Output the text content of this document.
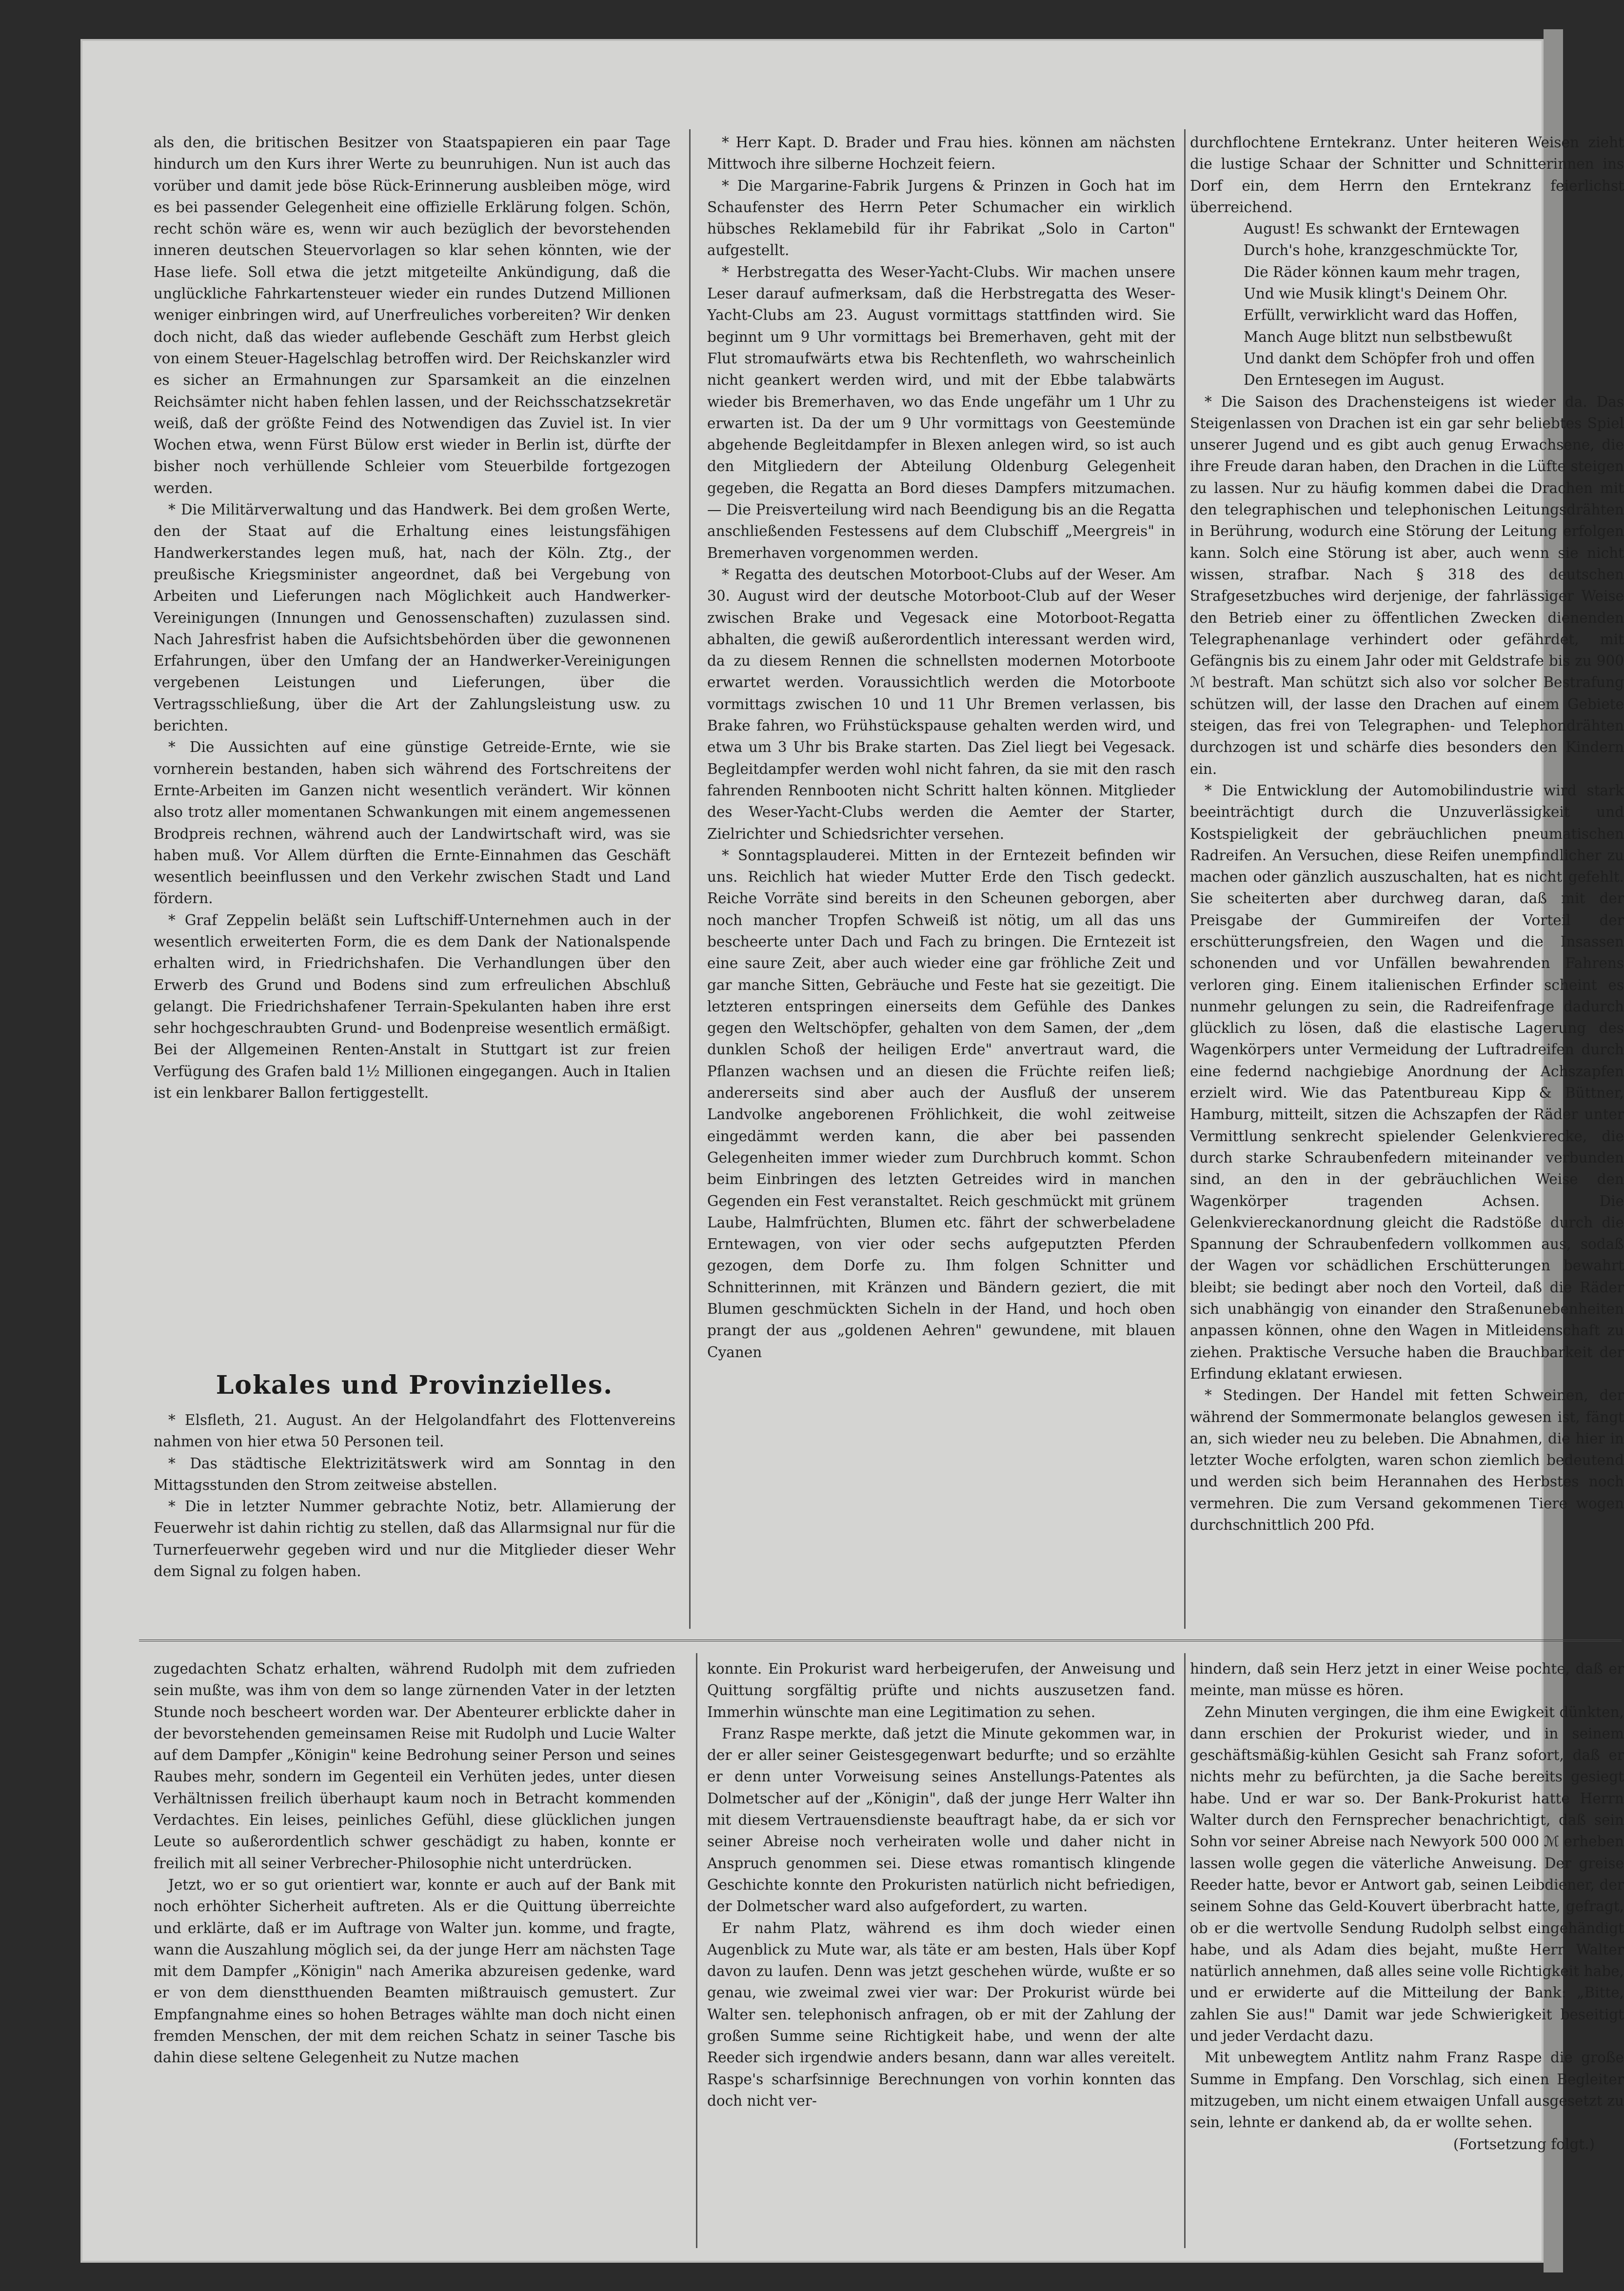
als den, die britischen Besitzer von Staatspapieren ein paar Tage hindurch um den Kurs ihrer Werte zu beunruhigen. Nun ist auch das vorüber und damit jede böse Rück-Erinnerung ausbleiben möge, wird es bei passender Gelegenheit eine offizielle Erklärung folgen. Schön, recht schön wäre es, wenn wir auch bezüglich der bevorstehenden inneren deutschen Steuervorlagen so klar sehen könnten, wie der Hase liefe. Soll etwa die jetzt mitgeteilte Ankündigung, daß die unglückliche Fahrkartensteuer wieder ein rundes Dutzend Millionen weniger einbringen wird, auf Unerfreuliches vorbereiten? Wir denken doch nicht, daß das wieder auflebende Geschäft zum Herbst gleich von einem Steuer-Hagelschlag betroffen wird. Der Reichskanzler wird es sicher an Ermahnungen zur Sparsamkeit an die einzelnen Reichsämter nicht haben fehlen lassen, und der Reichsschatzsekretär weiß, daß der größte Feind des Notwendigen das Zuviel ist. In vier Wochen etwa, wenn Fürst Bülow erst wieder in Berlin ist, dürfte der bisher noch verhüllende Schleier vom Steuerbilde fortgezogen werden.

* Die Militärverwaltung und das Handwerk. Bei dem großen Werte, den der Staat auf die Erhaltung eines leistungsfähigen Handwerkerstandes legen muß, hat, nach der Köln. Ztg., der preußische Kriegsminister angeordnet, daß bei Vergebung von Arbeiten und Lieferungen nach Möglichkeit auch Handwerker-Vereinigungen (Innungen und Genossenschaften) zuzulassen sind. Nach Jahresfrist haben die Aufsichtsbehörden über die gewonnenen Erfahrungen, über den Umfang der an Handwerker-Vereinigungen vergebenen Leistungen und Lieferungen, über die Vertragsschließung, über die Art der Zahlungsleistung usw. zu berichten.

* Die Aussichten auf eine günstige Getreide-Ernte, wie sie vornherein bestanden, haben sich während des Fortschreitens der Ernte-Arbeiten im Ganzen nicht wesentlich verändert. Wir können also trotz aller momentanen Schwankungen mit einem angemessenen Brodpreis rechnen, während auch der Landwirtschaft wird, was sie haben muß. Vor Allem dürften die Ernte-Einnahmen das Geschäft wesentlich beeinflussen und den Verkehr zwischen Stadt und Land fördern.

* Graf Zeppelin beläßt sein Luftschiff-Unternehmen auch in der wesentlich erweiterten Form, die es dem Dank der Nationalspende erhalten wird, in Friedrichshafen. Die Verhandlungen über den Erwerb des Grund und Bodens sind zum erfreulichen Abschluß gelangt. Die Friedrichshafener Terrain-Spekulanten haben ihre erst sehr hochgeschraubten Grund- und Bodenpreise wesentlich ermäßigt. Bei der Allgemeinen Renten-Anstalt in Stuttgart ist zur freien Verfügung des Grafen bald 1½ Millionen eingegangen. Auch in Italien ist ein lenkbarer Ballon fertiggestellt.

Lokales und Provinzielles.

* Elsfleth, 21. August. An der Helgolandfahrt des Flottenvereins nahmen von hier etwa 50 Personen teil.

* Das städtische Elektrizitätswerk wird am Sonntag in den Mittagsstunden den Strom zeitweise abstellen.

* Die in letzter Nummer gebrachte Notiz, betr. Allamierung der Feuerwehr ist dahin richtig zu stellen, daß das Allarmsignal nur für die Turnerfeuerwehr gegeben wird und nur die Mitglieder dieser Wehr dem Signal zu folgen haben.

* Herr Kapt. D. Brader und Frau hies. können am nächsten Mittwoch ihre silberne Hochzeit feiern.

* Die Margarine-Fabrik Jurgens & Prinzen in Goch hat im Schaufenster des Herrn Peter Schumacher ein wirklich hübsches Reklamebild für ihr Fabrikat „Solo in Carton" aufgestellt.

* Herbstregatta des Weser-Yacht-Clubs. Wir machen unsere Leser darauf aufmerksam, daß die Herbstregatta des Weser-Yacht-Clubs am 23. August vormittags stattfinden wird. Sie beginnt um 9 Uhr vormittags bei Bremerhaven, geht mit der Flut stromaufwärts etwa bis Rechtenfleth, wo wahrscheinlich nicht geankert werden wird, und mit der Ebbe talabwärts wieder bis Bremerhaven, wo das Ende ungefähr um 1 Uhr zu erwarten ist. Da der um 9 Uhr vormittags von Geestemünde abgehende Begleitdampfer in Blexen anlegen wird, so ist auch den Mitgliedern der Abteilung Oldenburg Gelegenheit gegeben, die Regatta an Bord dieses Dampfers mitzumachen. — Die Preisverteilung wird nach Beendigung bis an die Regatta anschließenden Festessens auf dem Clubschiff „Meergreis" in Bremerhaven vorgenommen werden.

* Regatta des deutschen Motorboot-Clubs auf der Weser. Am 30. August wird der deutsche Motorboot-Club auf der Weser zwischen Brake und Vegesack eine Motorboot-Regatta abhalten, die gewiß außerordentlich interessant werden wird, da zu diesem Rennen die schnellsten modernen Motorboote erwartet werden. Voraussichtlich werden die Motorboote vormittags zwischen 10 und 11 Uhr Bremen verlassen, bis Brake fahren, wo Frühstückspause gehalten werden wird, und etwa um 3 Uhr bis Brake starten. Das Ziel liegt bei Vegesack. Begleitdampfer werden wohl nicht fahren, da sie mit den rasch fahrenden Rennbooten nicht Schritt halten können. Mitglieder des Weser-Yacht-Clubs werden die Aemter der Starter, Zielrichter und Schiedsrichter versehen.

* Sonntagsplauderei. Mitten in der Erntezeit befinden wir uns. Reichlich hat wieder Mutter Erde den Tisch gedeckt. Reiche Vorräte sind bereits in den Scheunen geborgen, aber noch mancher Tropfen Schweiß ist nötig, um all das uns bescheerte unter Dach und Fach zu bringen. Die Erntezeit ist eine saure Zeit, aber auch wieder eine gar fröhliche Zeit und gar manche Sitten, Gebräuche und Feste hat sie gezeitigt. Die letzteren entspringen einerseits dem Gefühle des Dankes gegen den Weltschöpfer, gehalten von dem Samen, der „dem dunklen Schoß der heiligen Erde" anvertraut ward, die Pflanzen wachsen und an diesen die Früchte reifen ließ; andererseits sind aber auch der Ausfluß der unserem Landvolke angeborenen Fröhlichkeit, die wohl zeitweise eingedämmt werden kann, die aber bei passenden Gelegenheiten immer wieder zum Durchbruch kommt. Schon beim Einbringen des letzten Getreides wird in manchen Gegenden ein Fest veranstaltet. Reich geschmückt mit grünem Laube, Halmfrüchten, Blumen etc. fährt der schwerbeladene Erntewagen, von vier oder sechs aufgeputzten Pferden gezogen, dem Dorfe zu. Ihm folgen Schnitter und Schnitterinnen, mit Kränzen und Bändern geziert, die mit Blumen geschmückten Sicheln in der Hand, und hoch oben prangt der aus „goldenen Aehren" gewundene, mit blauen Cyanen

durchflochtene Erntekranz. Unter heiteren Weisen zieht die lustige Schaar der Schnitter und Schnitterinnen ins Dorf ein, dem Herrn den Erntekranz feierlichst überreichend.

August! Es schwankt der Erntewagen

Durch's hohe, kranzgeschmückte Tor,

Die Räder können kaum mehr tragen,

Und wie Musik klingt's Deinem Ohr.

Erfüllt, verwirklicht ward das Hoffen,

Manch Auge blitzt nun selbstbewußt

Und dankt dem Schöpfer froh und offen

Den Erntesegen im August.

* Die Saison des Drachensteigens ist wieder da. Das Steigenlassen von Drachen ist ein gar sehr beliebtes Spiel unserer Jugend und es gibt auch genug Erwachsene, die ihre Freude daran haben, den Drachen in die Lüfte steigen zu lassen. Nur zu häufig kommen dabei die Drachen mit den telegraphischen und telephonischen Leitungsdrähten in Berührung, wodurch eine Störung der Leitung erfolgen kann. Solch eine Störung ist aber, auch wenn sie nicht wissen, strafbar. Nach § 318 des deutschen Strafgesetzbuches wird derjenige, der fahrlässiger Weise den Betrieb einer zu öffentlichen Zwecken dienenden Telegraphenanlage verhindert oder gefährdet, mit Gefängnis bis zu einem Jahr oder mit Geldstrafe bis zu 900 ℳ bestraft. Man schützt sich also vor solcher Bestrafung schützen will, der lasse den Drachen auf einem Gebiete steigen, das frei von Telegraphen- und Telephondrähten durchzogen ist und schärfe dies besonders den Kindern ein.

* Die Entwicklung der Automobilindustrie wird stark beeinträchtigt durch die Unzuverlässigkeit und Kostspieligkeit der gebräuchlichen pneumatischen Radreifen. An Versuchen, diese Reifen unempfindlicher zu machen oder gänzlich auszuschalten, hat es nicht gefehlt. Sie scheiterten aber durchweg daran, daß mit der Preisgabe der Gummireifen der Vorteil der erschütterungsfreien, den Wagen und die Insassen schonenden und vor Unfällen bewahrenden Fahrens verloren ging. Einem italienischen Erfinder scheint es nunmehr gelungen zu sein, die Radreifenfrage dadurch glücklich zu lösen, daß die elastische Lagerung des Wagenkörpers unter Vermeidung der Luftradreifen durch eine federnd nachgiebige Anordnung der Achszapfen erzielt wird. Wie das Patentbureau Kipp & Büttner, Hamburg, mitteilt, sitzen die Achszapfen der Räder unter Vermittlung senkrecht spielender Gelenkvierecke, die durch starke Schraubenfedern miteinander verbunden sind, an den in der gebräuchlichen Weise den Wagenkörper tragenden Achsen. Die Gelenkviereckanordnung gleicht die Radstöße durch die Spannung der Schraubenfedern vollkommen aus, sodaß der Wagen vor schädlichen Erschütterungen bewahrt bleibt; sie bedingt aber noch den Vorteil, daß die Räder sich unabhängig von einander den Straßenunebenheiten anpassen können, ohne den Wagen in Mitleidenschaft zu ziehen. Praktische Versuche haben die Brauchbarkeit der Erfindung eklatant erwiesen.

* Stedingen. Der Handel mit fetten Schweinen, der während der Sommermonate belanglos gewesen ist, fängt an, sich wieder neu zu beleben. Die Abnahmen, die hier in letzter Woche erfolgten, waren schon ziemlich bedeutend und werden sich beim Herannahen des Herbstes noch vermehren. Die zum Versand gekommenen Tiere wogen durchschnittlich 200 Pfd.

zugedachten Schatz erhalten, während Rudolph mit dem zufrieden sein mußte, was ihm von dem so lange zürnenden Vater in der letzten Stunde noch bescheert worden war. Der Abenteurer erblickte daher in der bevorstehenden gemeinsamen Reise mit Rudolph und Lucie Walter auf dem Dampfer „Königin" keine Bedrohung seiner Person und seines Raubes mehr, sondern im Gegenteil ein Verhüten jedes, unter diesen Verhältnissen freilich überhaupt kaum noch in Betracht kommenden Verdachtes. Ein leises, peinliches Gefühl, diese glücklichen jungen Leute so außerordentlich schwer geschädigt zu haben, konnte er freilich mit all seiner Verbrecher-Philosophie nicht unterdrücken.

Jetzt, wo er so gut orientiert war, konnte er auch auf der Bank mit noch erhöhter Sicherheit auftreten. Als er die Quittung überreichte und erklärte, daß er im Auftrage von Walter jun. komme, und fragte, wann die Auszahlung möglich sei, da der junge Herr am nächsten Tage mit dem Dampfer „Königin" nach Amerika abzureisen gedenke, ward er von dem dienstthuenden Beamten mißtrauisch gemustert. Zur Empfangnahme eines so hohen Betrages wählte man doch nicht einen fremden Menschen, der mit dem reichen Schatz in seiner Tasche bis dahin diese seltene Gelegenheit zu Nutze machen

konnte. Ein Prokurist ward herbeigerufen, der Anweisung und Quittung sorgfältig prüfte und nichts auszusetzen fand. Immerhin wünschte man eine Legitimation zu sehen.

Franz Raspe merkte, daß jetzt die Minute gekommen war, in der er aller seiner Geistesgegenwart bedurfte; und so erzählte er denn unter Vorweisung seines Anstellungs-Patentes als Dolmetscher auf der „Königin", daß der junge Herr Walter ihn mit diesem Vertrauensdienste beauftragt habe, da er sich vor seiner Abreise noch verheiraten wolle und daher nicht in Anspruch genommen sei. Diese etwas romantisch klingende Geschichte konnte den Prokuristen natürlich nicht befriedigen, der Dolmetscher ward also aufgefordert, zu warten.

Er nahm Platz, während es ihm doch wieder einen Augenblick zu Mute war, als täte er am besten, Hals über Kopf davon zu laufen. Denn was jetzt geschehen würde, wußte er so genau, wie zweimal zwei vier war: Der Prokurist würde bei Walter sen. telephonisch anfragen, ob er mit der Zahlung der großen Summe seine Richtigkeit habe, und wenn der alte Reeder sich irgendwie anders besann, dann war alles vereitelt. Raspe's scharfsinnige Berechnungen von vorhin konnten das doch nicht ver-

hindern, daß sein Herz jetzt in einer Weise pochte, daß er meinte, man müsse es hören.

Zehn Minuten vergingen, die ihm eine Ewigkeit dünkten, dann erschien der Prokurist wieder, und in seinem geschäftsmäßig-kühlen Gesicht sah Franz sofort, daß er nichts mehr zu befürchten, ja die Sache bereits gesiegt habe. Und er war so. Der Bank-Prokurist hatte Herrn Walter durch den Fernsprecher benachrichtigt, daß sein Sohn vor seiner Abreise nach Newyork 500 000 ℳ erheben lassen wolle gegen die väterliche Anweisung. Der greise Reeder hatte, bevor er Antwort gab, seinen Leibdiener, der seinem Sohne das Geld-Kouvert überbracht hatte, gefragt, ob er die wertvolle Sendung Rudolph selbst eingehändigt habe, und als Adam dies bejaht, mußte Herr Walter natürlich annehmen, daß alles seine volle Richtigkeit habe, und er erwiderte auf die Mitteilung der Bank: „Bitte, zahlen Sie aus!" Damit war jede Schwierigkeit beseitigt und jeder Verdacht dazu.

Mit unbewegtem Antlitz nahm Franz Raspe die große Summe in Empfang. Den Vorschlag, sich einen Begleiter mitzugeben, um nicht einem etwaigen Unfall ausgesetzt zu sein, lehnte er dankend ab, da er wollte sehen.

(Fortsetzung folgt.)
